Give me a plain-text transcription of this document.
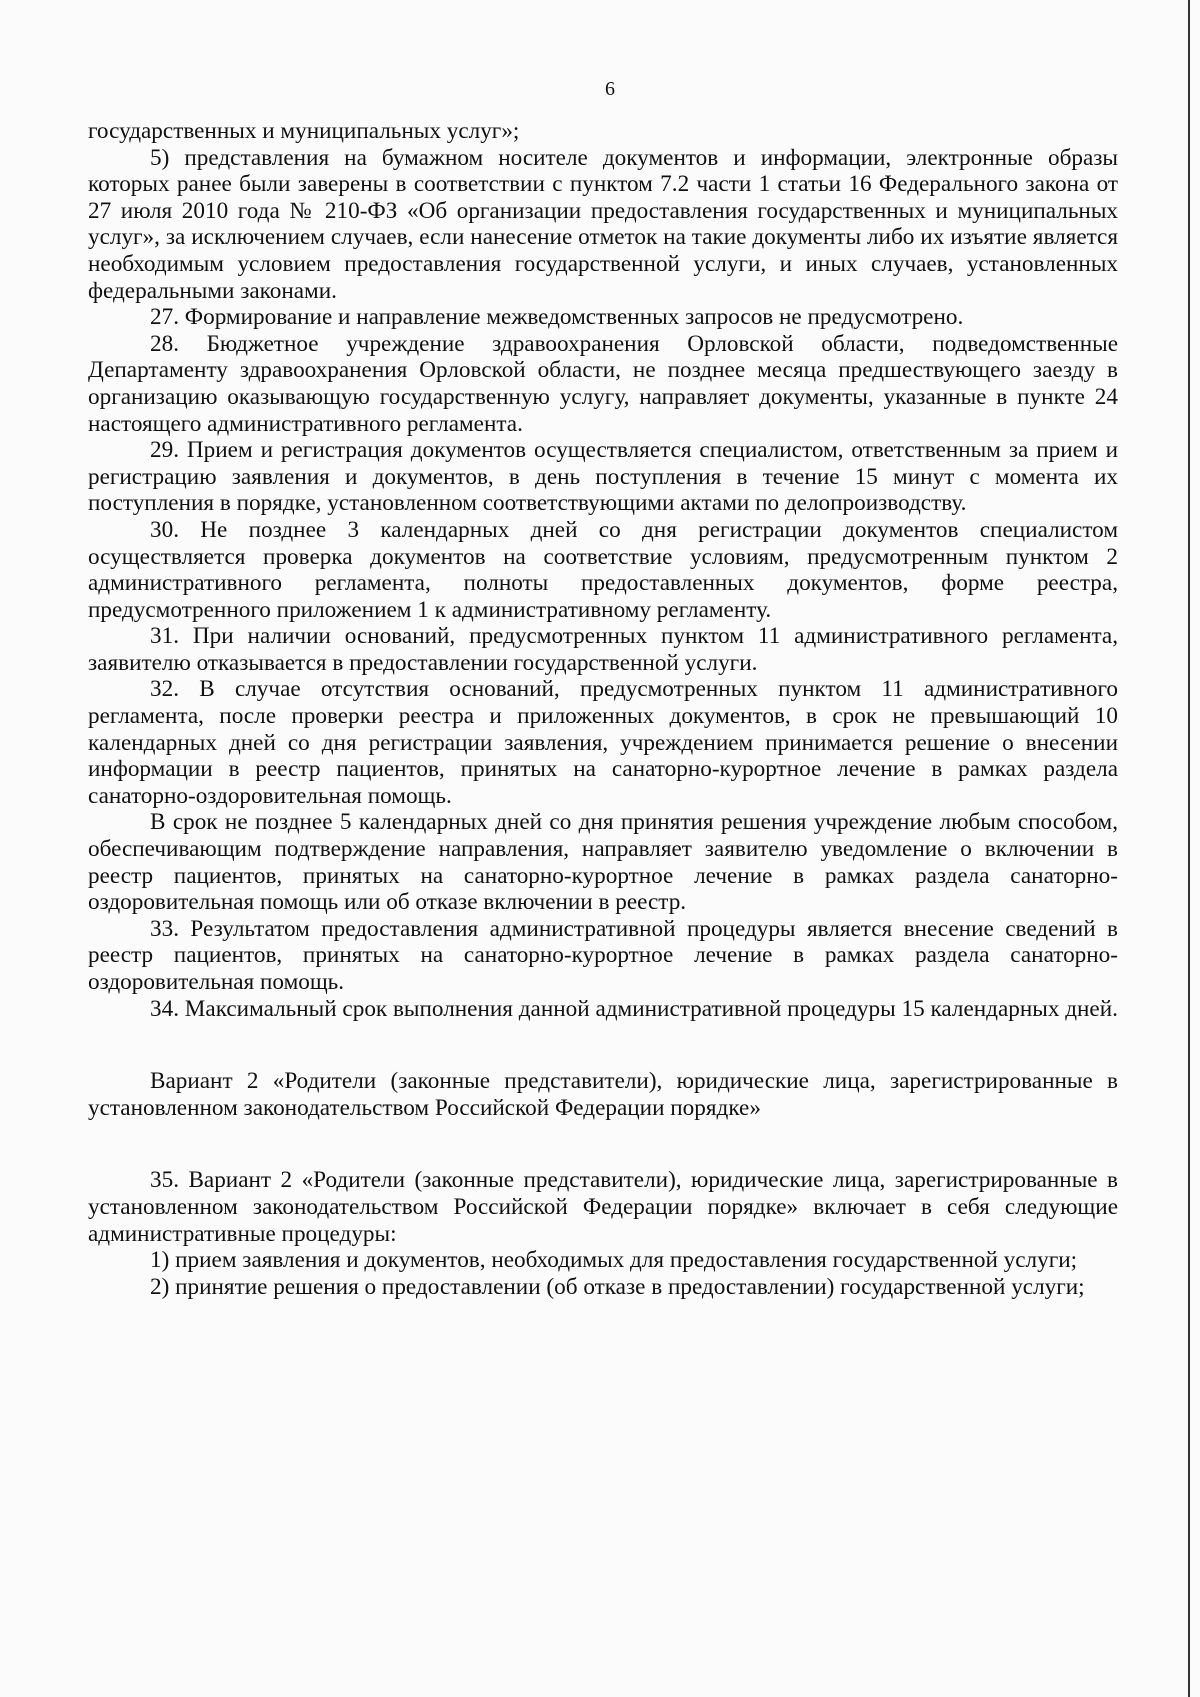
6

государственных и муниципальных услуг»;

5) представления на бумажном носителе документов и информации, электронные образы которых ранее были заверены в соответствии с пунктом 7.2 части 1 статьи 16 Федерального закона от 27 июля 2010 года № 210-ФЗ «Об организации предоставления государственных и муниципальных услуг», за исключением случаев, если нанесение отметок на такие документы либо их изъятие является необходимым условием предоставления государственной услуги, и иных случаев, установленных федеральными законами.

27. Формирование и направление межведомственных запросов не предусмотрено.

28. Бюджетное учреждение здравоохранения Орловской области, подведомственные Департаменту здравоохранения Орловской области, не позднее месяца предшествующего заезду в организацию оказывающую государственную услугу, направляет документы, указанные в пункте 24 настоящего административного регламента.

29. Прием и регистрация документов осуществляется специалистом, ответственным за прием и регистрацию заявления и документов, в день поступления в течение 15 минут с момента их поступления в порядке, установленном соответствующими актами по делопроизводству.

30. Не позднее 3 календарных дней со дня регистрации документов специалистом осуществляется проверка документов на соответствие условиям, предусмотренным пунктом 2 административного регламента, полноты предоставленных документов, форме реестра, предусмотренного приложением 1 к административному регламенту.

31. При наличии оснований, предусмотренных пунктом 11 административного регламента, заявителю отказывается в предоставлении государственной услуги.

32. В случае отсутствия оснований, предусмотренных пунктом 11 административного регламента, после проверки реестра и приложенных документов, в срок не превышающий 10 календарных дней со дня регистрации заявления, учреждением принимается решение о внесении информации в реестр пациентов, принятых на санаторно-курортное лечение в рамках раздела санаторно-оздоровительная помощь.

В срок не позднее 5 календарных дней со дня принятия решения учреждение любым способом, обеспечивающим подтверждение направления, направляет заявителю уведомление о включении в реестр пациентов, принятых на санаторно-курортное лечение в рамках раздела санаторно-оздоровительная помощь или об отказе включении в реестр.

33. Результатом предоставления административной процедуры является внесение сведений в реестр пациентов, принятых на санаторно-курортное лечение в рамках раздела санаторно-оздоровительная помощь.

34. Максимальный срок выполнения данной административной процедуры 15 календарных дней.

Вариант 2 «Родители (законные представители), юридические лица, зарегистрированные в установленном законодательством Российской Федерации порядке»

35. Вариант 2 «Родители (законные представители), юридические лица, зарегистрированные в установленном законодательством Российской Федерации порядке» включает в себя следующие административные процедуры:

1) прием заявления и документов, необходимых для предоставления государственной услуги;

2) принятие решения о предоставлении (об отказе в предоставлении) государственной услуги;
